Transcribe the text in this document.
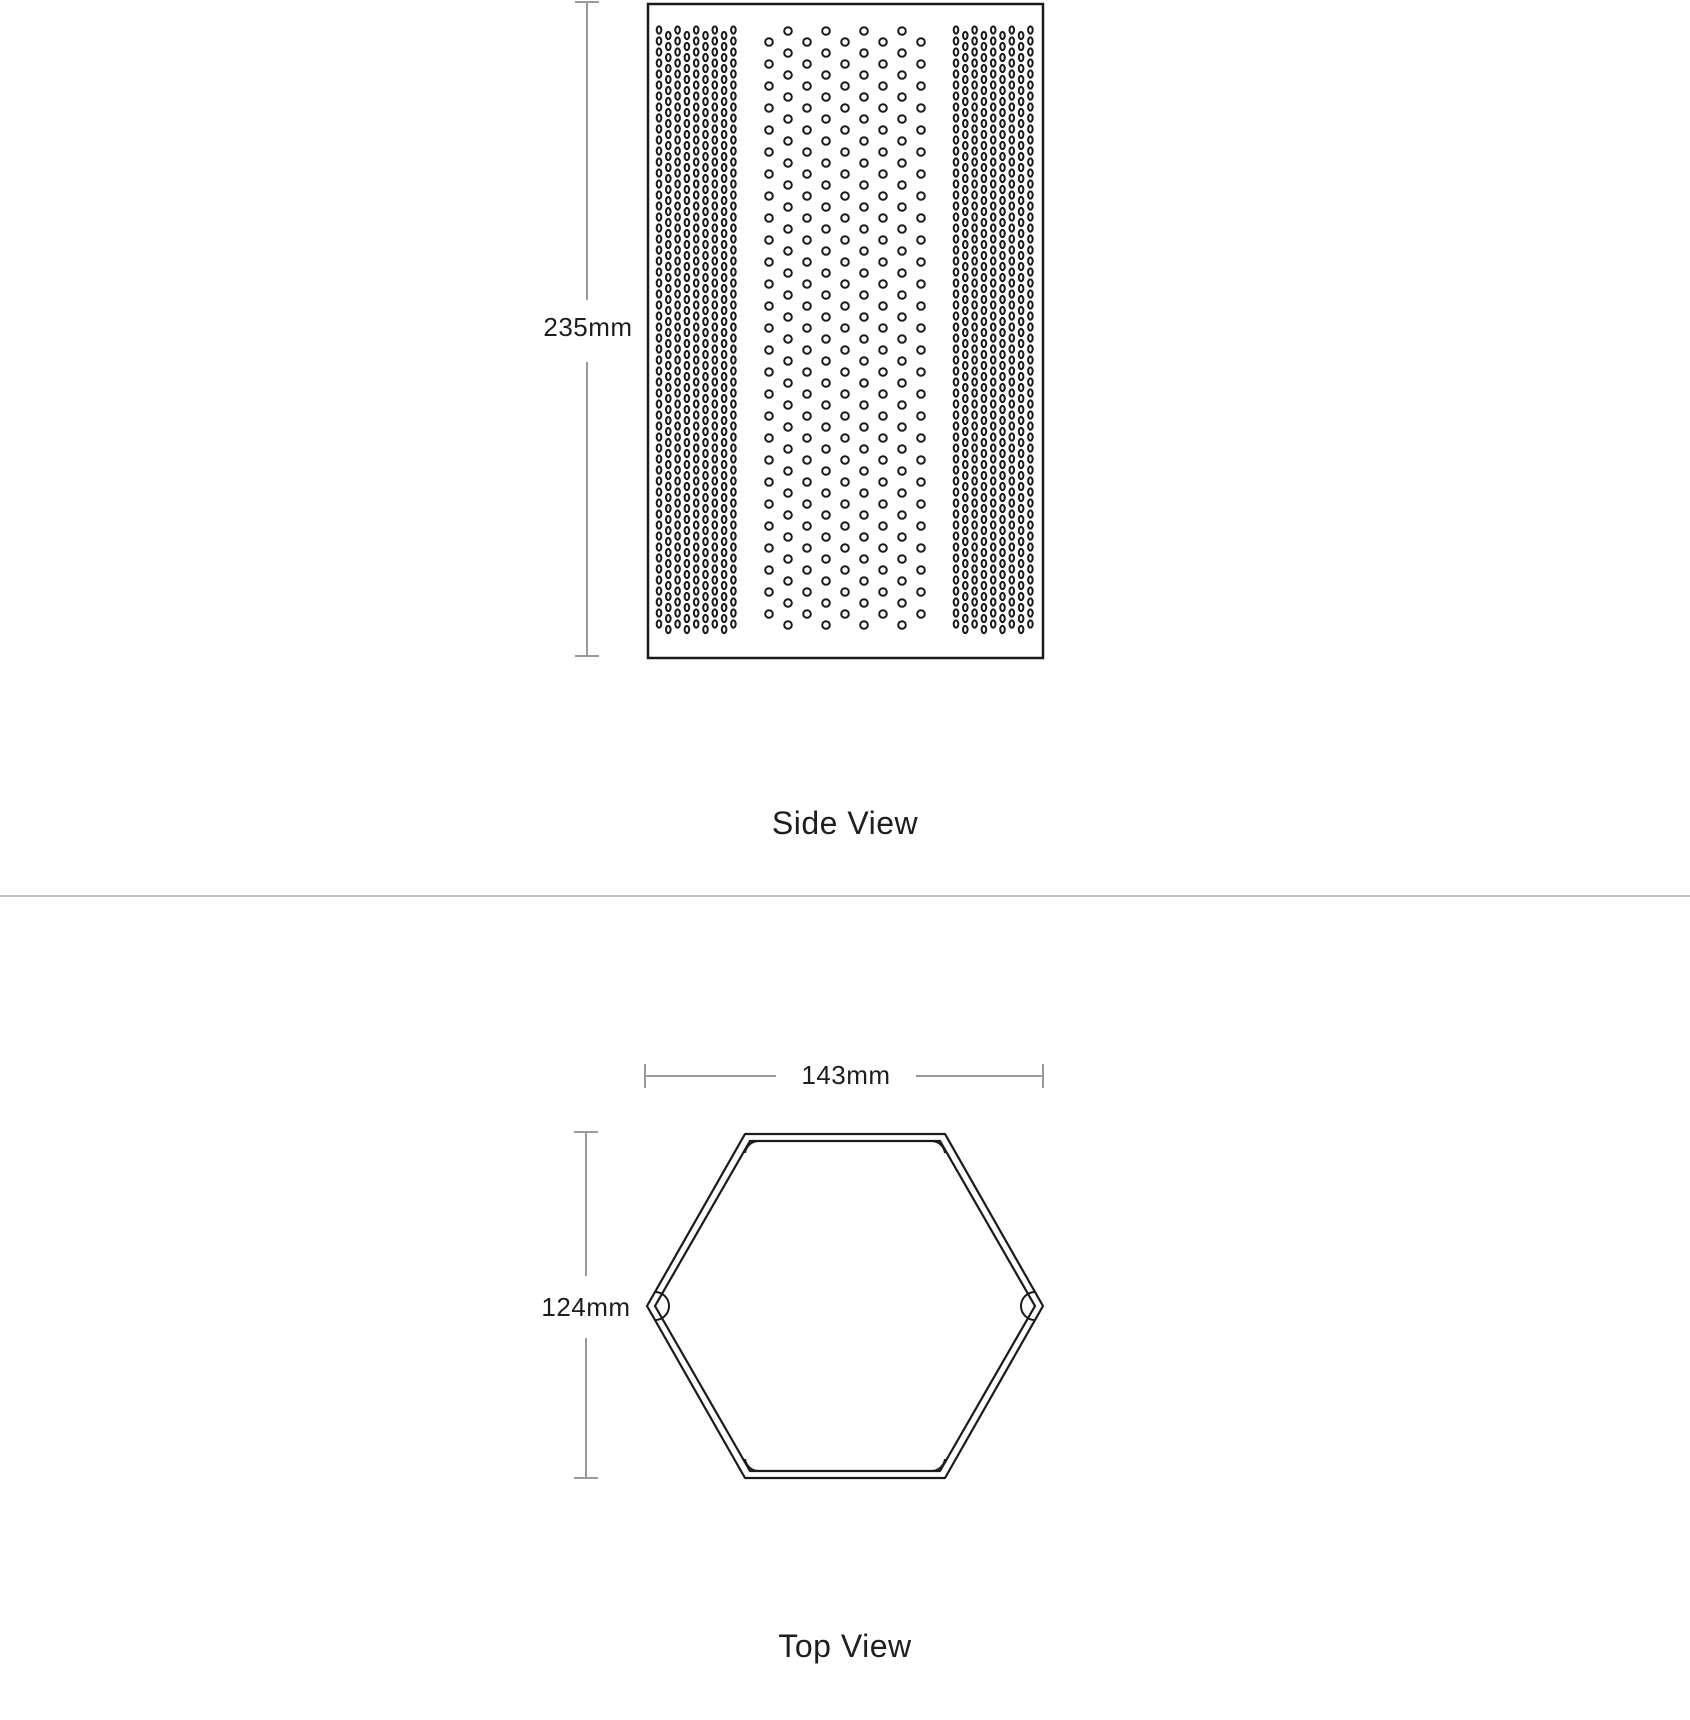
235mm
Side View
143mm
124mm
Top View
